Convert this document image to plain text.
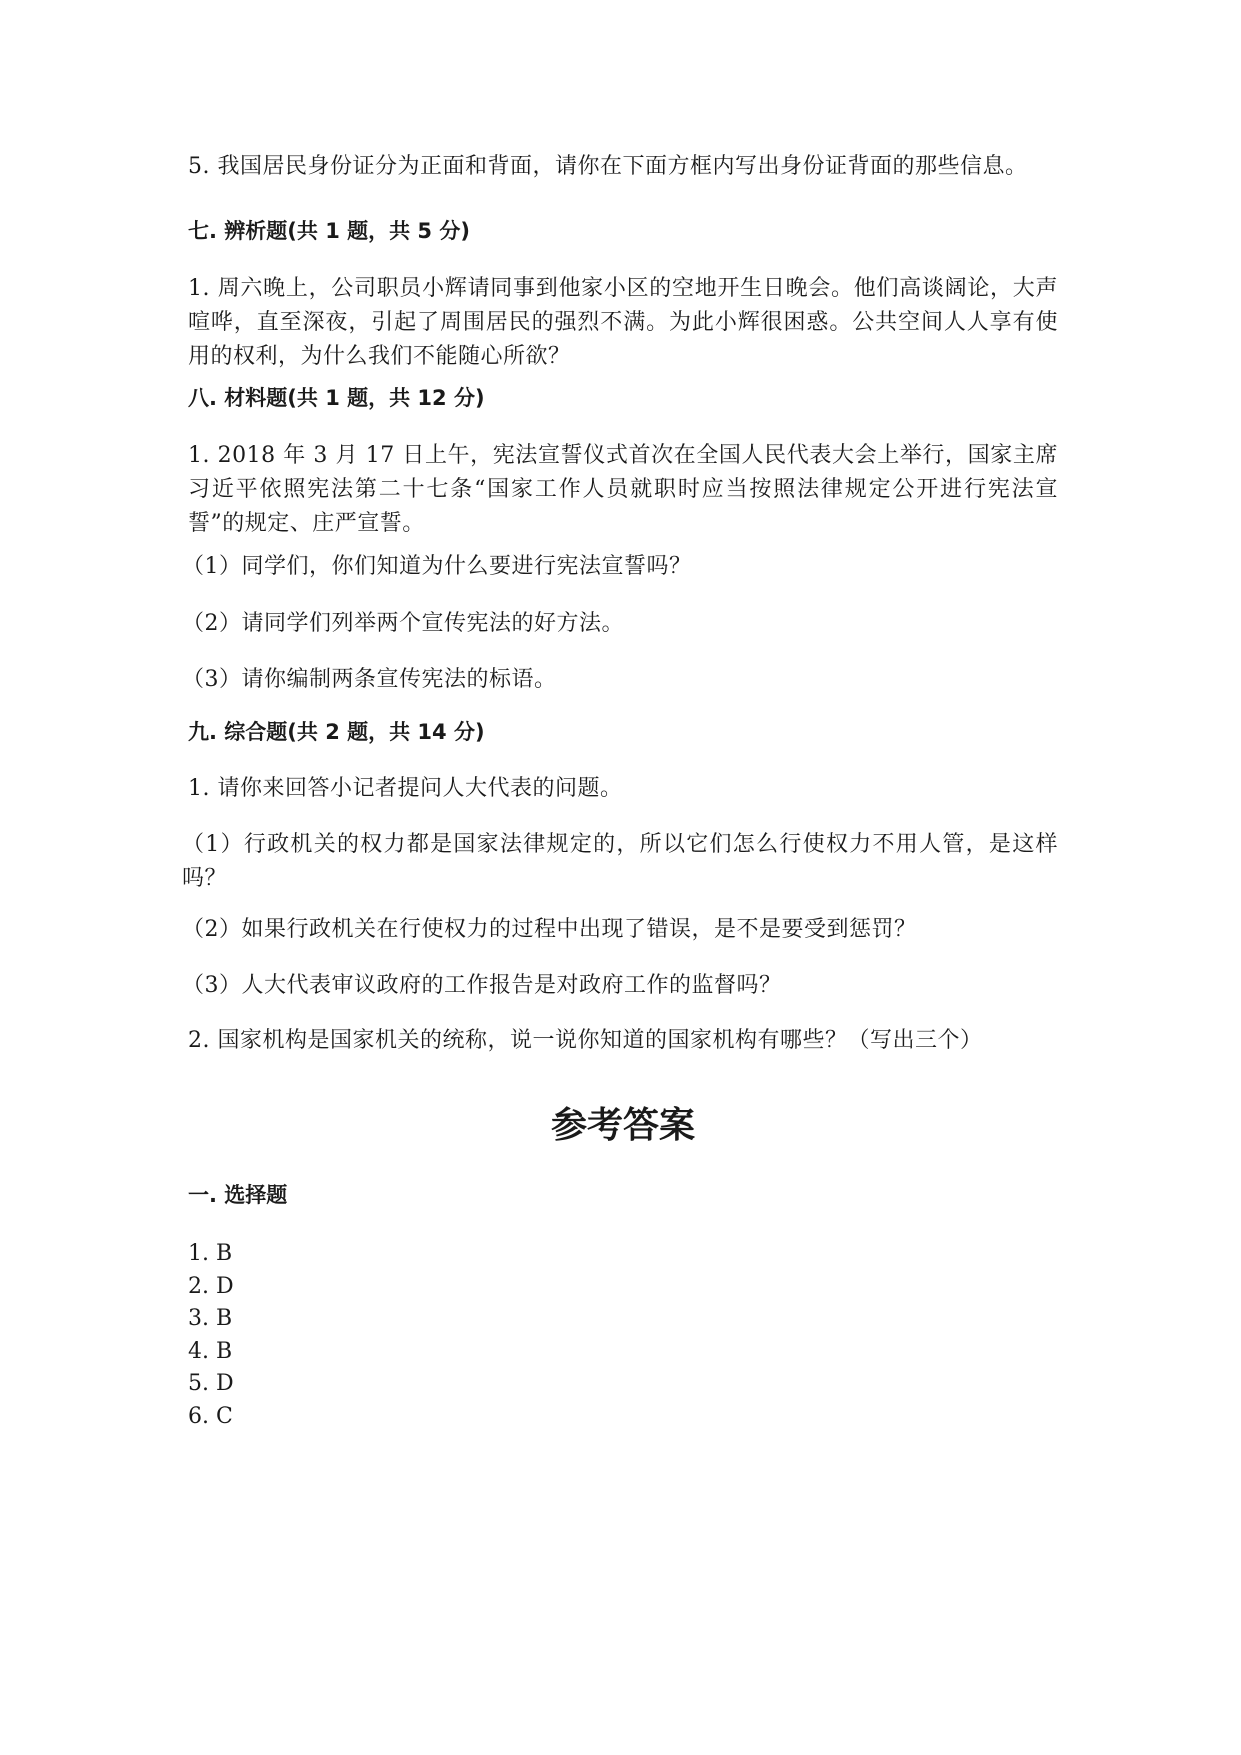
5. 我国居民身份证分为正面和背面，请你在下面方框内写出身份证背面的那些信息。

七. 辨析题(共 1 题，共 5 分)

1. 周六晚上，公司职员小辉请同事到他家小区的空地开生日晚会。他们高谈阔论，大声喧哗，直至深夜，引起了周围居民的强烈不满。为此小辉很困惑。公共空间人人享有使用的权利，为什么我们不能随心所欲？

八. 材料题(共 1 题，共 12 分)

1. 2018 年 3 月 17 日上午，宪法宣誓仪式首次在全国人民代表大会上举行，国家主席习近平依照宪法第二十七条“国家工作人员就职时应当按照法律规定公开进行宪法宣誓”的规定、庄严宣誓。

（1）同学们，你们知道为什么要进行宪法宣誓吗？

（2）请同学们列举两个宣传宪法的好方法。

（3）请你编制两条宣传宪法的标语。

九. 综合题(共 2 题，共 14 分)

1. 请你来回答小记者提问人大代表的问题。

（1）行政机关的权力都是国家法律规定的，所以它们怎么行使权力不用人管，是这样吗？

（2）如果行政机关在行使权力的过程中出现了错误，是不是要受到惩罚？

（3）人大代表审议政府的工作报告是对政府工作的监督吗？

2. 国家机构是国家机关的统称，说一说你知道的国家机构有哪些？（写出三个）

参考答案

一. 选择题

1. B
2. D
3. B
4. B
5. D
6. C
